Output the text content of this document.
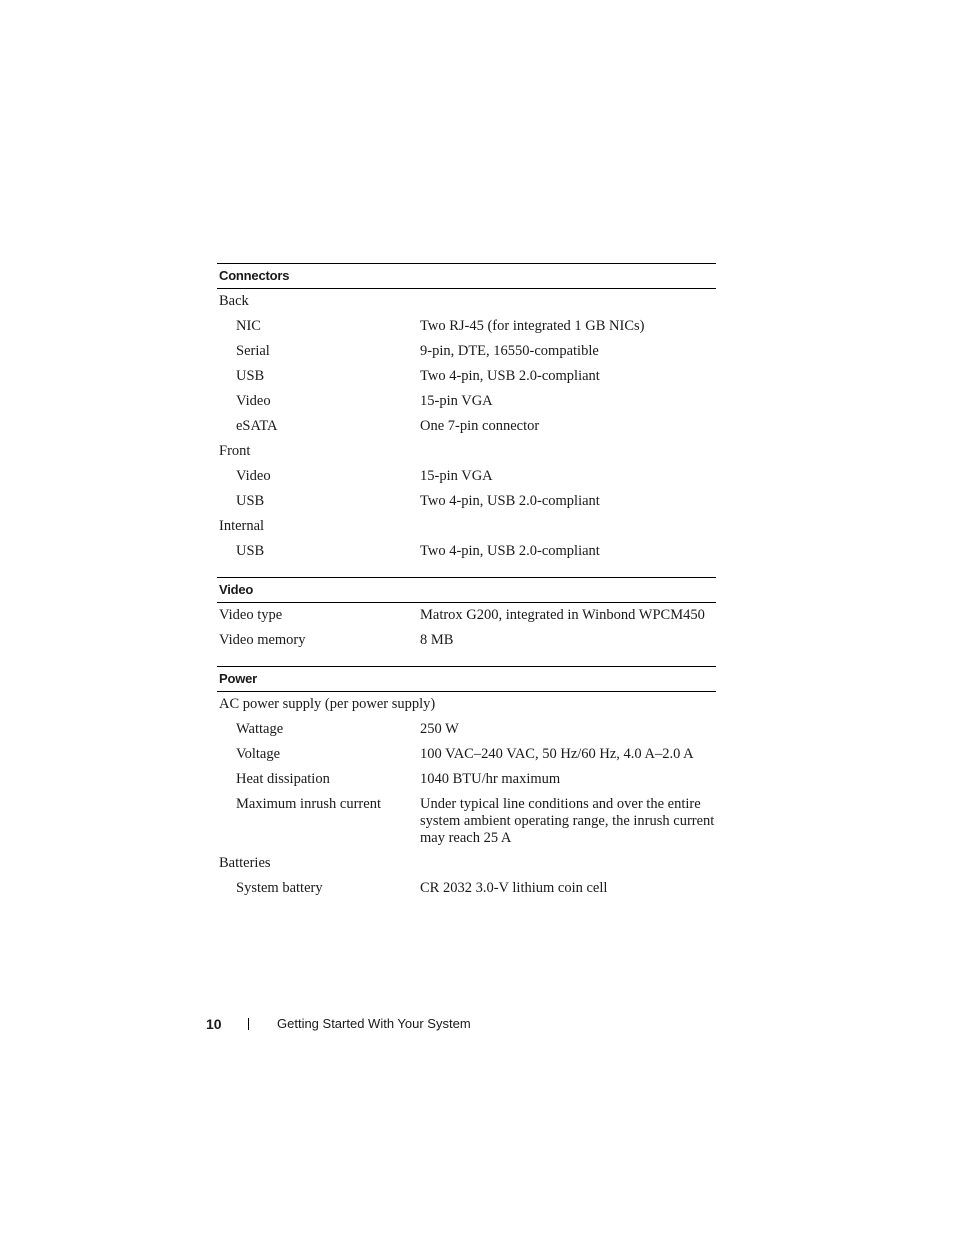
Connectors
Back
NIC	Two RJ-45 (for integrated 1 GB NICs)
Serial	9-pin, DTE, 16550-compatible
USB	Two 4-pin, USB 2.0-compliant
Video	15-pin VGA
eSATA	One 7-pin connector
Front
Video	15-pin VGA
USB	Two 4-pin, USB 2.0-compliant
Internal
USB	Two 4-pin, USB 2.0-compliant
Video
Video type	Matrox G200, integrated in Winbond WPCM450
Video memory	8 MB
Power
AC power supply (per power supply)
Wattage	250 W
Voltage	100 VAC–240 VAC, 50 Hz/60 Hz, 4.0 A–2.0 A
Heat dissipation	1040 BTU/hr maximum
Maximum inrush current	Under typical line conditions and over the entire system ambient operating range, the inrush current may reach 25 A
Batteries
System battery	CR 2032 3.0-V lithium coin cell
10	Getting Started With Your System
